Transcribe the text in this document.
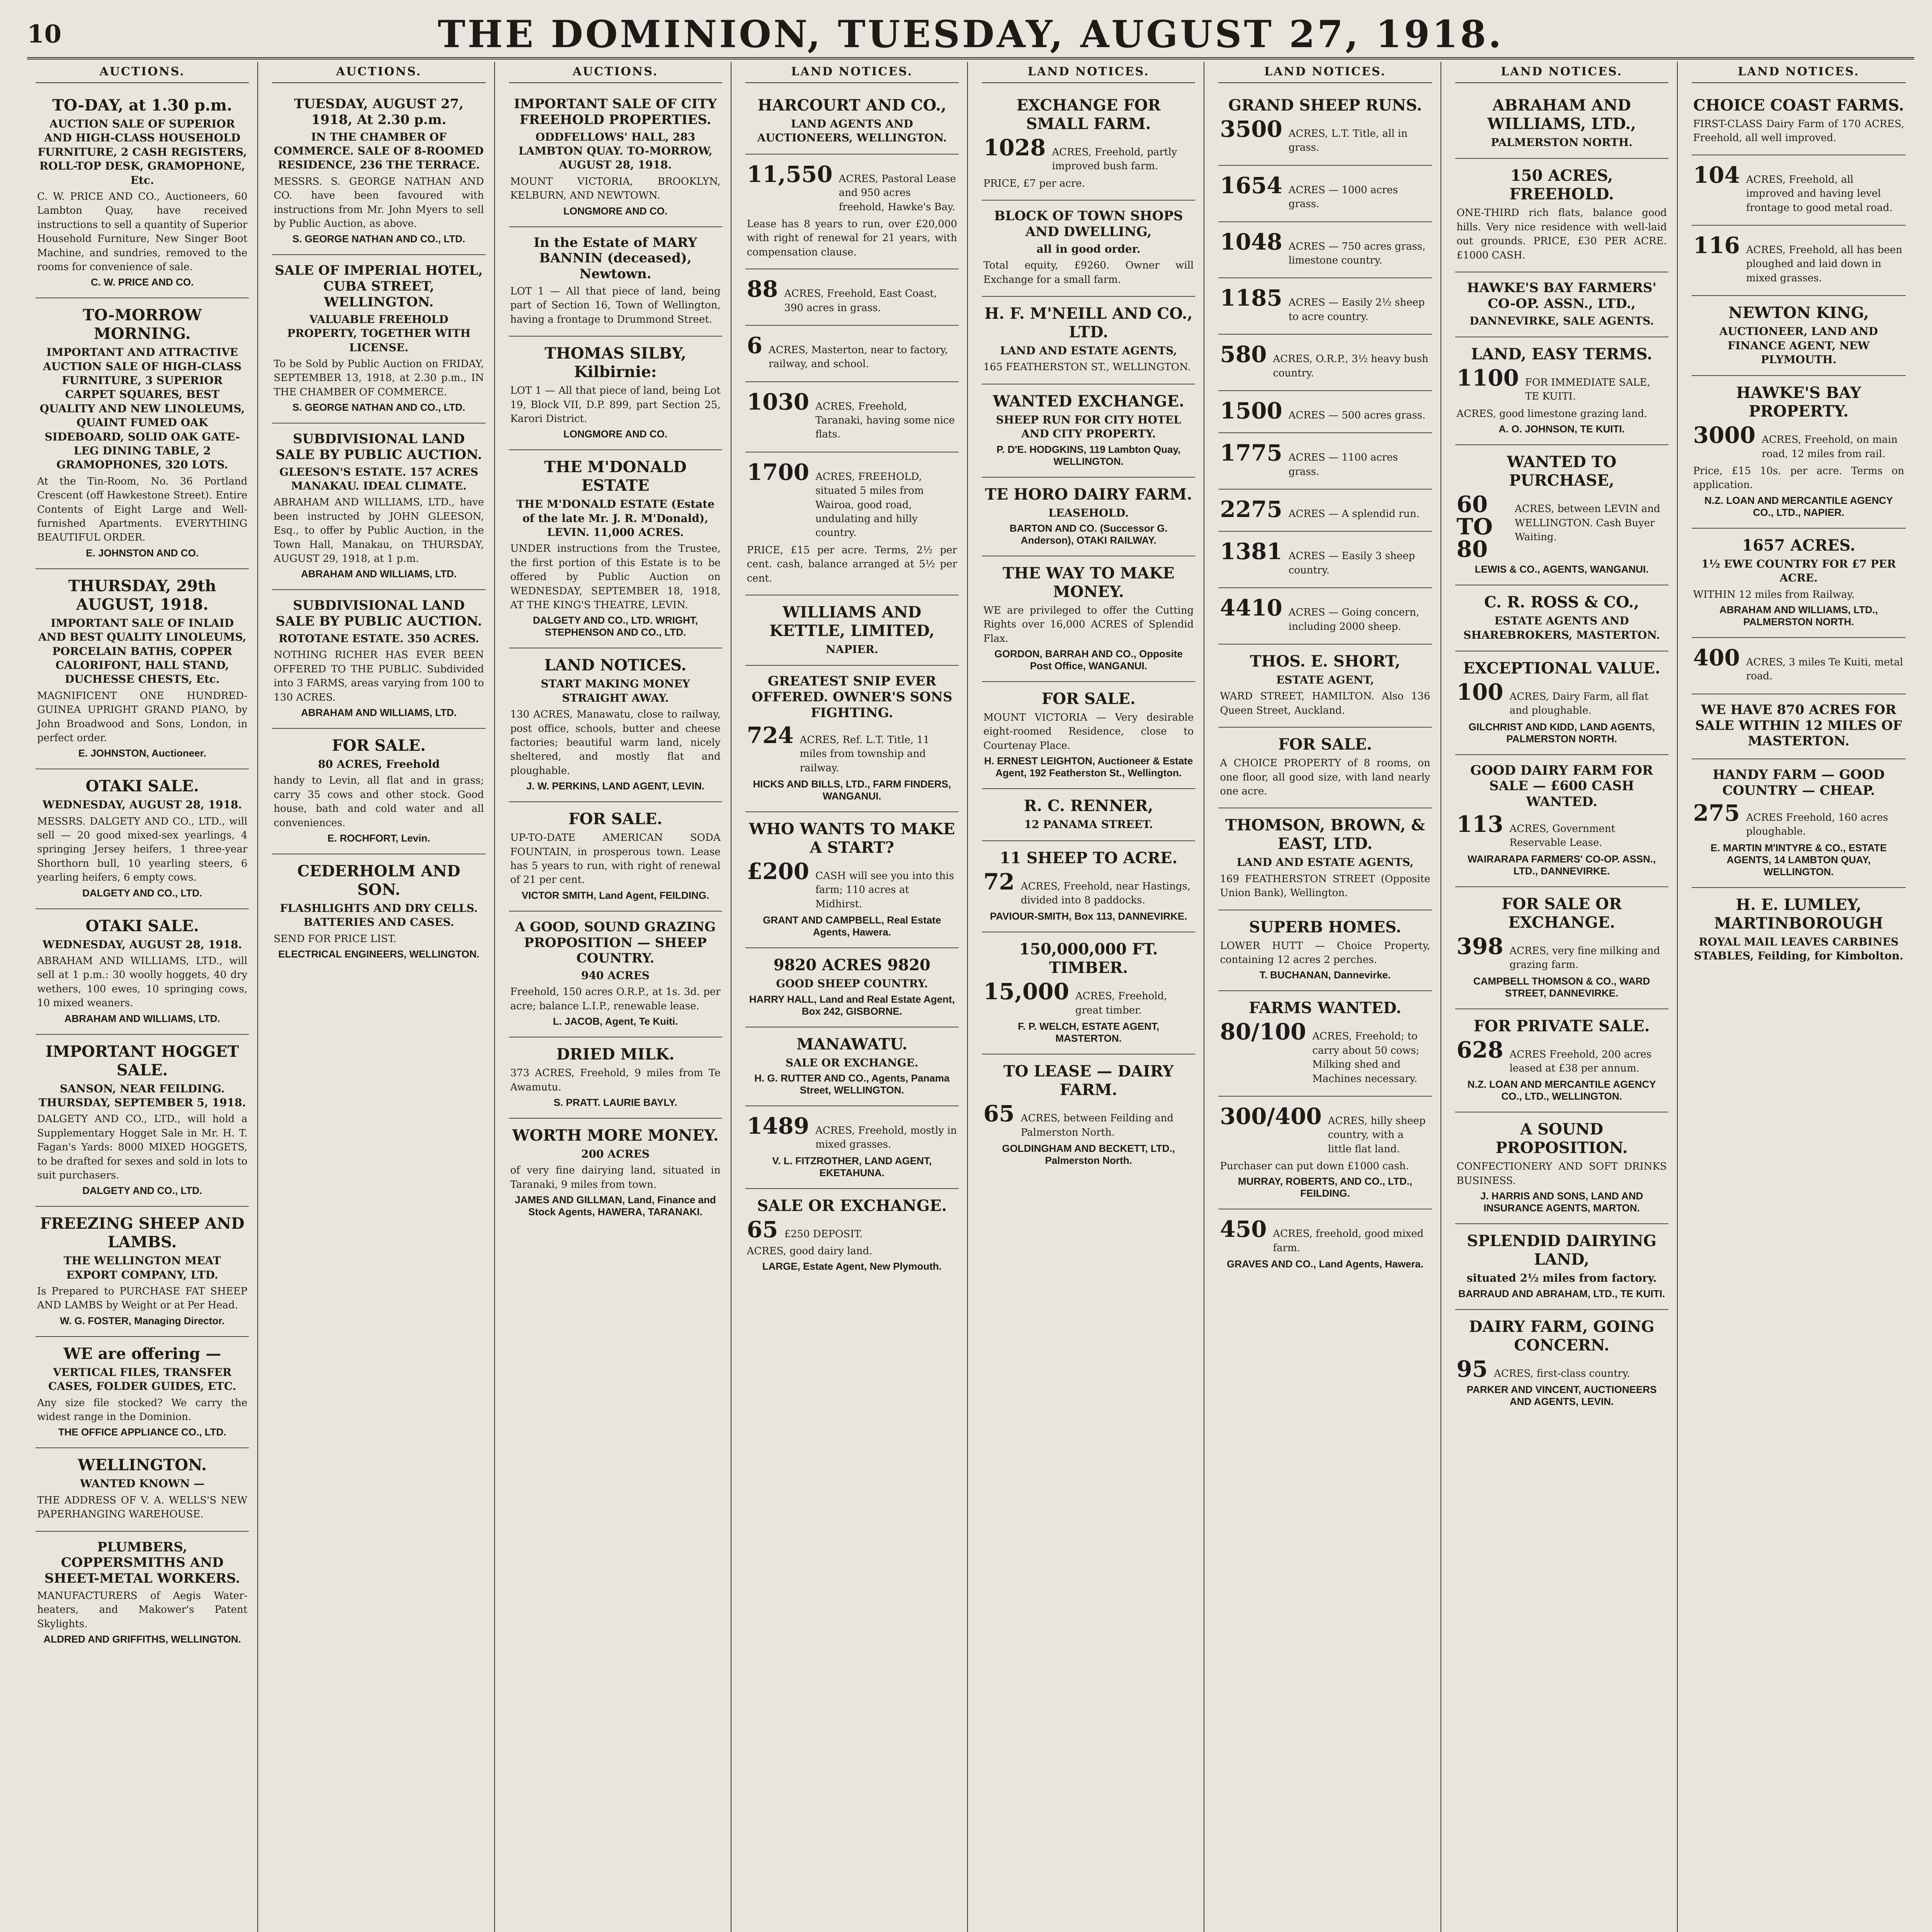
10	THE DOMINION, TUESDAY, AUGUST 27, 1918.
AUCTIONS.
TO-DAY, at 1.30 p.m.
AUCTION SALE OF SUPERIOR AND HIGH-CLASS HOUSEHOLD FURNITURE, 2 CASH REGISTERS, ROLL-TOP DESK, GRAMOPHONE, Etc.
C. W. PRICE AND CO., Auctioneers, 60 Lambton Quay, have received instructions to sell a quantity of Superior Household Furniture, New Singer Boot Machine, and sundries, removed to the rooms for convenience of sale.
C. W. PRICE AND CO.
TO-MORROW MORNING.
IMPORTANT AND ATTRACTIVE AUCTION SALE OF HIGH-CLASS FURNITURE, 3 SUPERIOR CARPET SQUARES, BEST QUALITY AND NEW LINOLEUMS, QUAINT FUMED OAK SIDEBOARD, SOLID OAK GATE-LEG DINING TABLE, 2 GRAMOPHONES, 320 LOTS.
At the Tin-Room, No. 36 Portland Crescent (off Hawkestone Street). Entire Contents of Eight Large and Well-furnished Apartments. EVERYTHING BEAUTIFUL ORDER.
E. JOHNSTON AND CO.
THURSDAY, 29th AUGUST, 1918.
IMPORTANT SALE OF INLAID AND BEST QUALITY LINOLEUMS, PORCELAIN BATHS, COPPER CALORIFONT, HALL STAND, DUCHESSE CHESTS, Etc.
MAGNIFICENT ONE HUNDRED-GUINEA UPRIGHT GRAND PIANO, by John Broadwood and Sons, London, in perfect order.
E. JOHNSTON, Auctioneer.
OTAKI SALE.
WEDNESDAY, AUGUST 28, 1918.
MESSRS. DALGETY AND CO., LTD., will sell — 20 good mixed-sex yearlings, 4 springing Jersey heifers, 1 three-year Shorthorn bull, 10 yearling steers, 6 yearling heifers, 6 empty cows.
DALGETY AND CO., LTD.
OTAKI SALE.
WEDNESDAY, AUGUST 28, 1918.
ABRAHAM AND WILLIAMS, LTD., will sell at 1 p.m.: 30 woolly hoggets, 40 dry wethers, 100 ewes, 10 springing cows, 10 mixed weaners.
ABRAHAM AND WILLIAMS, LTD.
IMPORTANT HOGGET SALE.
SANSON, NEAR FEILDING. THURSDAY, SEPTEMBER 5, 1918.
DALGETY AND CO., LTD., will hold a Supplementary Hogget Sale in Mr. H. T. Fagan's Yards: 8000 MIXED HOGGETS, to be drafted for sexes and sold in lots to suit purchasers.
DALGETY AND CO., LTD.
FREEZING SHEEP AND LAMBS.
THE WELLINGTON MEAT EXPORT COMPANY, LTD.
Is Prepared to PURCHASE FAT SHEEP AND LAMBS by Weight or at Per Head.
W. G. FOSTER, Managing Director.
WE are offering —
VERTICAL FILES, TRANSFER CASES, FOLDER GUIDES, ETC.
Any size file stocked? We carry the widest range in the Dominion.
THE OFFICE APPLIANCE CO., LTD.
WELLINGTON.
WANTED KNOWN —
THE ADDRESS OF V. A. WELLS'S NEW PAPERHANGING WAREHOUSE.
PLUMBERS, COPPERSMITHS AND SHEET-METAL WORKERS.
MANUFACTURERS of Aegis Water-heaters, and Makower's Patent Skylights.
ALDRED AND GRIFFITHS, WELLINGTON.
AUCTIONS.
TUESDAY, AUGUST 27, 1918, At 2.30 p.m.
IN THE CHAMBER OF COMMERCE. SALE OF 8-ROOMED RESIDENCE, 236 THE TERRACE.
MESSRS. S. GEORGE NATHAN AND CO. have been favoured with instructions from Mr. John Myers to sell by Public Auction, as above.
S. GEORGE NATHAN AND CO., LTD.
SALE OF IMPERIAL HOTEL, CUBA STREET, WELLINGTON.
VALUABLE FREEHOLD PROPERTY, TOGETHER WITH LICENSE.
To be Sold by Public Auction on FRIDAY, SEPTEMBER 13, 1918, at 2.30 p.m., IN THE CHAMBER OF COMMERCE.
S. GEORGE NATHAN AND CO., LTD.
SUBDIVISIONAL LAND SALE BY PUBLIC AUCTION.
GLEESON'S ESTATE. 157 ACRES MANAKAU. IDEAL CLIMATE.
ABRAHAM AND WILLIAMS, LTD., have been instructed by JOHN GLEESON, Esq., to offer by Public Auction, in the Town Hall, Manakau, on THURSDAY, AUGUST 29, 1918, at 1 p.m.
ABRAHAM AND WILLIAMS, LTD.
SUBDIVISIONAL LAND SALE BY PUBLIC AUCTION.
ROTOTANE ESTATE. 350 ACRES.
NOTHING RICHER HAS EVER BEEN OFFERED TO THE PUBLIC. Subdivided into 3 FARMS, areas varying from 100 to 130 ACRES.
ABRAHAM AND WILLIAMS, LTD.
FOR SALE.
80 ACRES, Freehold
handy to Levin, all flat and in grass; carry 35 cows and other stock. Good house, bath and cold water and all conveniences.
E. ROCHFORT, Levin.
CEDERHOLM AND SON.
FLASHLIGHTS AND DRY CELLS. BATTERIES AND CASES.
SEND FOR PRICE LIST.
ELECTRICAL ENGINEERS, WELLINGTON.
AUCTIONS.
IMPORTANT SALE OF CITY FREEHOLD PROPERTIES.
ODDFELLOWS' HALL, 283 LAMBTON QUAY. TO-MORROW, AUGUST 28, 1918.
MOUNT VICTORIA, BROOKLYN, KELBURN, AND NEWTOWN.
LONGMORE AND CO.
In the Estate of MARY BANNIN (deceased), Newtown.
LOT 1 — All that piece of land, being part of Section 16, Town of Wellington, having a frontage to Drummond Street.
THOMAS SILBY, Kilbirnie:
LOT 1 — All that piece of land, being Lot 19, Block VII, D.P. 899, part Section 25, Karori District.
LONGMORE AND CO.
THE M'DONALD ESTATE
THE M'DONALD ESTATE (Estate of the late Mr. J. R. M'Donald), LEVIN. 11,000 ACRES.
UNDER instructions from the Trustee, the first portion of this Estate is to be offered by Public Auction on WEDNESDAY, SEPTEMBER 18, 1918, AT THE KING'S THEATRE, LEVIN.
DALGETY AND CO., LTD. WRIGHT, STEPHENSON AND CO., LTD.
LAND NOTICES.
START MAKING MONEY STRAIGHT AWAY.
130 ACRES, Manawatu, close to railway, post office, schools, butter and cheese factories; beautiful warm land, nicely sheltered, and mostly flat and ploughable.
J. W. PERKINS, LAND AGENT, LEVIN.
FOR SALE.
UP-TO-DATE AMERICAN SODA FOUNTAIN, in prosperous town. Lease has 5 years to run, with right of renewal of 21 per cent.
VICTOR SMITH, Land Agent, FEILDING.
A GOOD, SOUND GRAZING PROPOSITION — SHEEP COUNTRY.
940 ACRES
Freehold, 150 acres O.R.P., at 1s. 3d. per acre; balance L.I.P., renewable lease.
L. JACOB, Agent, Te Kuiti.
DRIED MILK.
373 ACRES, Freehold, 9 miles from Te Awamutu.
S. PRATT. LAURIE BAYLY.
WORTH MORE MONEY.
200 ACRES
of very fine dairying land, situated in Taranaki, 9 miles from town.
JAMES AND GILLMAN, Land, Finance and Stock Agents, HAWERA, TARANAKI.
LAND NOTICES.
HARCOURT AND CO.,
LAND AGENTS AND AUCTIONEERS, WELLINGTON.
11,550 ACRES, Pastoral Lease and 950 acres freehold, Hawke's Bay.
Lease has 8 years to run, over £20,000 with right of renewal for 21 years, with compensation clause.
88 ACRES, Freehold, East Coast, 390 acres in grass.
6 ACRES, Masterton, near to factory, railway, and school.
1030 ACRES, Freehold, Taranaki, having some nice flats.
1700 ACRES, FREEHOLD, situated 5 miles from Wairoa, good road, undulating and hilly country.
PRICE, £15 per acre. Terms, 2½ per cent. cash, balance arranged at 5½ per cent.
WILLIAMS AND KETTLE, LIMITED,
NAPIER.
GREATEST SNIP EVER OFFERED. OWNER'S SONS FIGHTING.
724 ACRES, Ref. L.T. Title, 11 miles from township and railway.
HICKS AND BILLS, LTD., FARM FINDERS, WANGANUI.
WHO WANTS TO MAKE A START?
£200 CASH will see you into this farm; 110 acres at Midhirst.
GRANT AND CAMPBELL, Real Estate Agents, Hawera.
9820 ACRES 9820
GOOD SHEEP COUNTRY.
HARRY HALL, Land and Real Estate Agent, Box 242, GISBORNE.
MANAWATU.
SALE OR EXCHANGE.
H. G. RUTTER AND CO., Agents, Panama Street, WELLINGTON.
1489 ACRES, Freehold, mostly in mixed grasses.
V. L. FITZROTHER, LAND AGENT, EKETAHUNA.
SALE OR EXCHANGE.
65 £250 DEPOSIT.
ACRES, good dairy land.
LARGE, Estate Agent, New Plymouth.
LAND NOTICES.
EXCHANGE FOR SMALL FARM.
1028 ACRES, Freehold, partly improved bush farm.
PRICE, £7 per acre.
BLOCK OF TOWN SHOPS AND DWELLING,
all in good order.
Total equity, £9260. Owner will Exchange for a small farm.
H. F. M'NEILL AND CO., LTD.
LAND AND ESTATE AGENTS,
165 FEATHERSTON ST., WELLINGTON.
WANTED EXCHANGE.
SHEEP RUN FOR CITY HOTEL AND CITY PROPERTY.
P. D'E. HODGKINS, 119 Lambton Quay, WELLINGTON.
TE HORO DAIRY FARM.
LEASEHOLD.
BARTON AND CO. (Successor G. Anderson), OTAKI RAILWAY.
THE WAY TO MAKE MONEY.
WE are privileged to offer the Cutting Rights over 16,000 ACRES of Splendid Flax.
GORDON, BARRAH AND CO., Opposite Post Office, WANGANUI.
FOR SALE.
MOUNT VICTORIA — Very desirable eight-roomed Residence, close to Courtenay Place.
H. ERNEST LEIGHTON, Auctioneer & Estate Agent, 192 Featherston St., Wellington.
R. C. RENNER,
12 PANAMA STREET.
11 SHEEP TO ACRE.
72 ACRES, Freehold, near Hastings, divided into 8 paddocks.
PAVIOUR-SMITH, Box 113, DANNEVIRKE.
150,000,000 FT. TIMBER.
15,000 ACRES, Freehold, great timber.
F. P. WELCH, ESTATE AGENT, MASTERTON.
TO LEASE — DAIRY FARM.
65 ACRES, between Feilding and Palmerston North.
GOLDINGHAM AND BECKETT, LTD., Palmerston North.
LAND NOTICES.
GRAND SHEEP RUNS.
3500 ACRES, L.T. Title, all in grass.
1654 ACRES — 1000 acres grass.
1048 ACRES — 750 acres grass, limestone country.
1185 ACRES — Easily 2½ sheep to acre country.
580 ACRES, O.R.P., 3½ heavy bush country.
1500 ACRES — 500 acres grass.
1775 ACRES — 1100 acres grass.
2275 ACRES — A splendid run.
1381 ACRES — Easily 3 sheep country.
4410 ACRES — Going concern, including 2000 sheep.
THOS. E. SHORT,
ESTATE AGENT,
WARD STREET, HAMILTON. Also 136 Queen Street, Auckland.
FOR SALE.
A CHOICE PROPERTY of 8 rooms, on one floor, all good size, with land nearly one acre.
THOMSON, BROWN, & EAST, LTD.
LAND AND ESTATE AGENTS,
169 FEATHERSTON STREET (Opposite Union Bank), Wellington.
SUPERB HOMES.
LOWER HUTT — Choice Property, containing 12 acres 2 perches.
T. BUCHANAN, Dannevirke.
FARMS WANTED.
80/100 ACRES, Freehold; to carry about 50 cows; Milking shed and Machines necessary.
300/400 ACRES, hilly sheep country, with a little flat land.
Purchaser can put down £1000 cash.
MURRAY, ROBERTS, AND CO., LTD., FEILDING.
450 ACRES, freehold, good mixed farm.
GRAVES AND CO., Land Agents, Hawera.
LAND NOTICES.
ABRAHAM AND WILLIAMS, LTD.,
PALMERSTON NORTH.
150 ACRES, FREEHOLD.
ONE-THIRD rich flats, balance good hills. Very nice residence with well-laid out grounds. PRICE, £30 PER ACRE. £1000 CASH.
HAWKE'S BAY FARMERS' CO-OP. ASSN., LTD.,
DANNEVIRKE, SALE AGENTS.
LAND, EASY TERMS.
1100 FOR IMMEDIATE SALE, TE KUITI.
ACRES, good limestone grazing land.
A. O. JOHNSON, TE KUITI.
WANTED TO PURCHASE,
60 TO 80
ACRES, between LEVIN and WELLINGTON. Cash Buyer Waiting.
LEWIS & CO., AGENTS, WANGANUI.
C. R. ROSS & CO.,
ESTATE AGENTS AND SHAREBROKERS, MASTERTON.
EXCEPTIONAL VALUE.
100 ACRES, Dairy Farm, all flat and ploughable.
GILCHRIST AND KIDD, LAND AGENTS, PALMERSTON NORTH.
GOOD DAIRY FARM FOR SALE — £600 CASH WANTED.
113 ACRES, Government Reservable Lease.
WAIRARAPA FARMERS' CO-OP. ASSN., LTD., DANNEVIRKE.
FOR SALE OR EXCHANGE.
398 ACRES, very fine milking and grazing farm.
CAMPBELL THOMSON & CO., WARD STREET, DANNEVIRKE.
FOR PRIVATE SALE.
628 ACRES Freehold, 200 acres leased at £38 per annum.
N.Z. LOAN AND MERCANTILE AGENCY CO., LTD., WELLINGTON.
A SOUND PROPOSITION.
CONFECTIONERY AND SOFT DRINKS BUSINESS.
J. HARRIS AND SONS, LAND AND INSURANCE AGENTS, MARTON.
SPLENDID DAIRYING LAND,
situated 2½ miles from factory.
BARRAUD AND ABRAHAM, LTD., TE KUITI.
DAIRY FARM, GOING CONCERN.
95 ACRES, first-class country.
PARKER AND VINCENT, AUCTIONEERS AND AGENTS, LEVIN.
LAND NOTICES.
CHOICE COAST FARMS.
FIRST-CLASS Dairy Farm of 170 ACRES, Freehold, all well improved.
104 ACRES, Freehold, all improved and having level frontage to good metal road.
116 ACRES, Freehold, all has been ploughed and laid down in mixed grasses.
NEWTON KING,
AUCTIONEER, LAND AND FINANCE AGENT, NEW PLYMOUTH.
HAWKE'S BAY PROPERTY.
3000 ACRES, Freehold, on main road, 12 miles from rail.
Price, £15 10s. per acre. Terms on application.
N.Z. LOAN AND MERCANTILE AGENCY CO., LTD., NAPIER.
1657 ACRES.
1½ EWE COUNTRY FOR £7 PER ACRE.
WITHIN 12 miles from Railway.
ABRAHAM AND WILLIAMS, LTD., PALMERSTON NORTH.
400 ACRES, 3 miles Te Kuiti, metal road.
WE HAVE 870 ACRES FOR SALE WITHIN 12 MILES OF MASTERTON.
HANDY FARM — GOOD COUNTRY — CHEAP.
275 ACRES Freehold, 160 acres ploughable.
E. MARTIN M'INTYRE & CO., ESTATE AGENTS, 14 LAMBTON QUAY, WELLINGTON.
H. E. LUMLEY, MARTINBOROUGH
ROYAL MAIL LEAVES CARBINES STABLES, Feilding, for Kimbolton.
